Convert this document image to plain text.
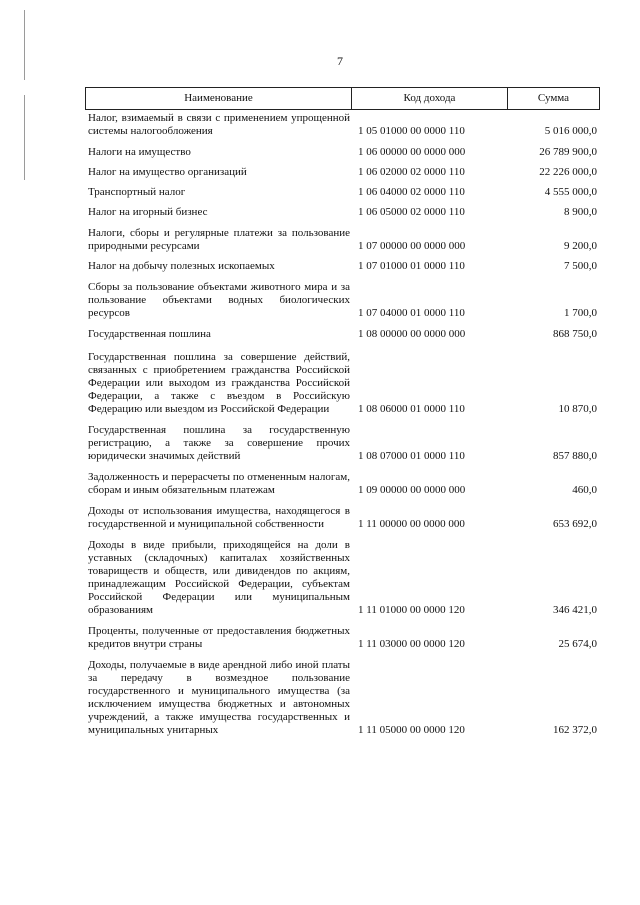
7
Наименование	Код дохода	Сумма
Налог, взимаемый в связи с применением упрощенной системы налогообложения	1 05 01000 00 0000 110	5 016 000,0
Налоги на имущество	1 06 00000 00 0000 000	26 789 900,0
Налог на имущество организаций	1 06 02000 02 0000 110	22 226 000,0
Транспортный налог	1 06 04000 02 0000 110	4 555 000,0
Налог на игорный бизнес	1 06 05000 02 0000 110	8 900,0
Налоги, сборы и регулярные платежи за пользование природными ресурсами	1 07 00000 00 0000 000	9 200,0
Налог на добычу полезных ископаемых	1 07 01000 01 0000 110	7 500,0
Сборы за пользование объектами животного мира и за пользование объектами водных биологических ресурсов	1 07 04000 01 0000 110	1 700,0
Государственная пошлина	1 08 00000 00 0000 000	868 750,0
Государственная пошлина за совершение действий, связанных с приобретением гражданства Российской Федерации или выходом из гражданства Российской Федерации, а также с въездом в Российскую Федерацию или выездом из Российской Федерации	1 08 06000 01 0000 110	10 870,0
Государственная пошлина за государственную регистрацию, а также за совершение прочих юридически значимых действий	1 08 07000 01 0000 110	857 880,0
Задолженность и перерасчеты по отмененным налогам, сборам и иным обязательным платежам	1 09 00000 00 0000 000	460,0
Доходы от использования имущества, находящегося в государственной и муниципальной собственности	1 11 00000 00 0000 000	653 692,0
Доходы в виде прибыли, приходящейся на доли в уставных (складочных) капиталах хозяйственных товариществ и обществ, или дивидендов по акциям, принадлежащим Российской Федерации, субъектам Российской Федерации или муниципальным образованиям	1 11 01000 00 0000 120	346 421,0
Проценты, полученные от предоставления бюджетных кредитов внутри страны	1 11 03000 00 0000 120	25 674,0
Доходы, получаемые в виде арендной либо иной платы за передачу в возмездное пользование государственного и муниципального имущества (за исключением имущества бюджетных и автономных учреждений, а также имущества государственных и муниципальных унитарных	1 11 05000 00 0000 120	162 372,0
